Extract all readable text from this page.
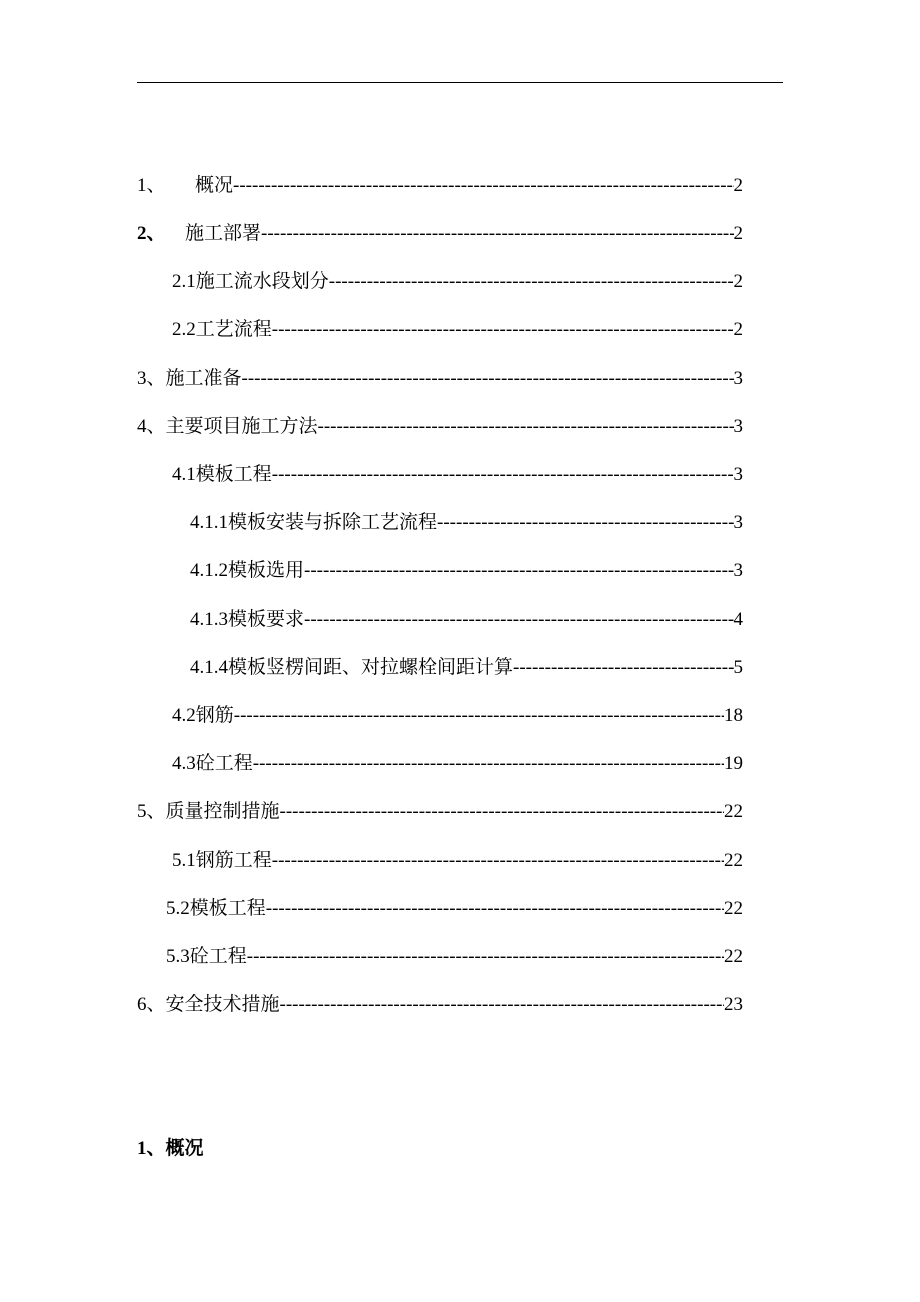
1、	概况 -----	2
2、	施工部署 -----	2
2.1 施工流水段划分 -----	2
2.2 工艺流程 -----	2
3、 施工准备 -----	3
4、 主要项目施工方法 -----	3
4.1 模板工程 -----	3
4.1.1 模板安装与拆除工艺流程 -----	3
4.1.2 模板选用 -----	3
4.1.3 模板要求 -----	4
4.1.4 模板竖楞间距、对拉螺栓间距计算 -----	5
4.2 钢筋 -----	18
4.3 砼工程 -----	19
5、 质量控制措施 -----	22
5.1 钢筋工程 -----	22
5.2 模板工程 -----	22
5.3 砼工程 -----	22
6、 安全技术措施 -----	23
1、概况
